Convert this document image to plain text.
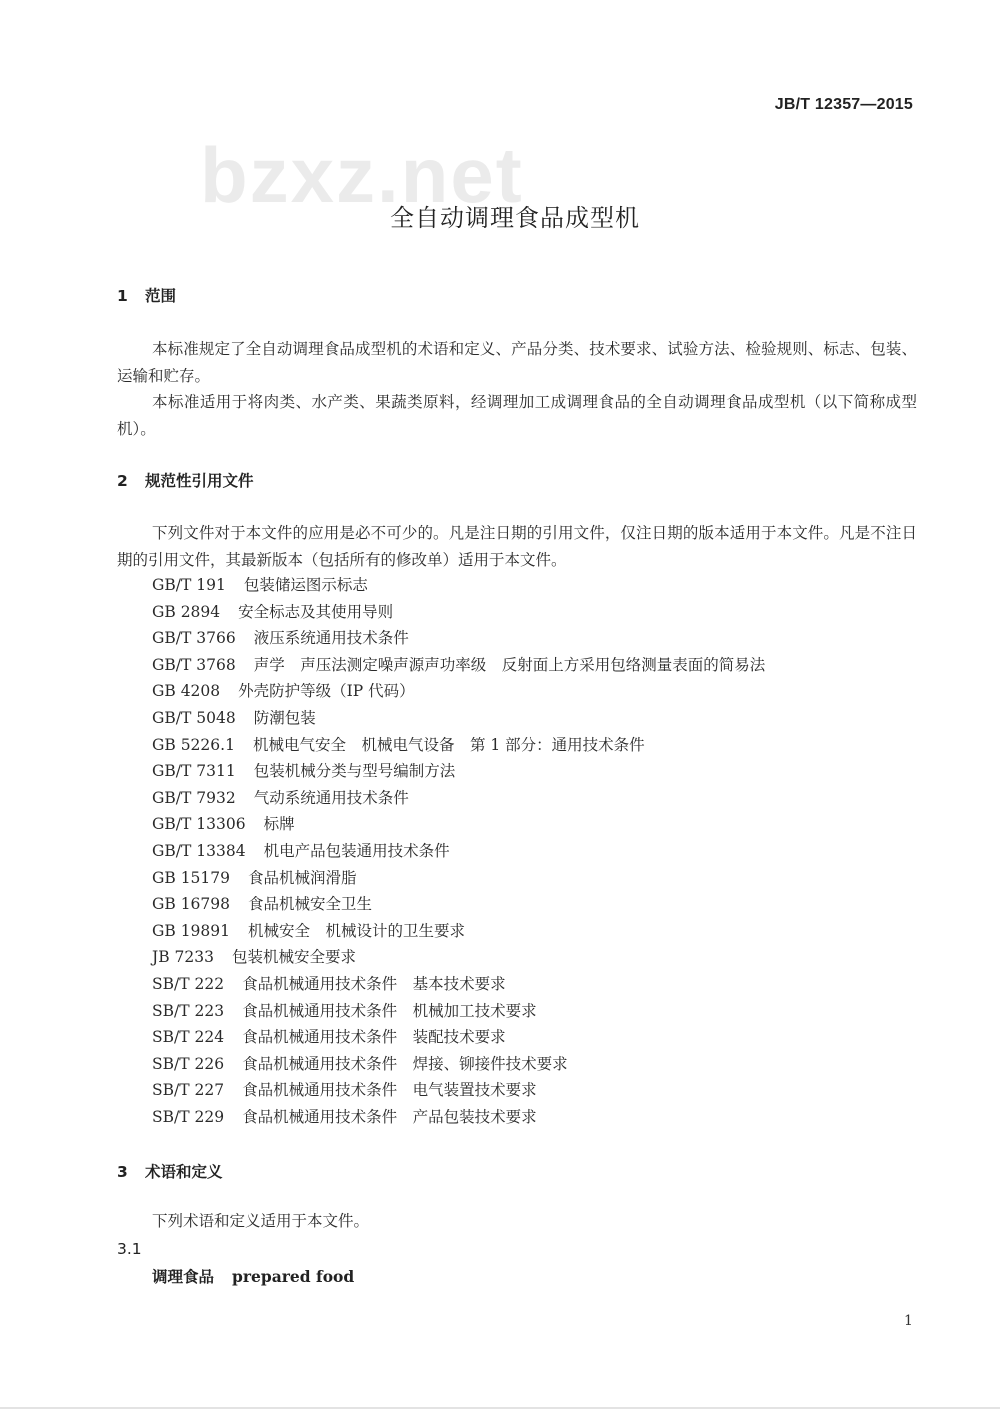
JB/T 12357—2015
bzxz.net
全自动调理食品成型机
1 范围
本标准规定了全自动调理食品成型机的术语和定义、产品分类、技术要求、试验方法、检验规则、标志、包装、运输和贮存。
本标准适用于将肉类、水产类、果蔬类原料，经调理加工成调理食品的全自动调理食品成型机（以下简称成型机）。
2 规范性引用文件
下列文件对于本文件的应用是必不可少的。凡是注日期的引用文件，仅注日期的版本适用于本文件。凡是不注日期的引用文件，其最新版本（包括所有的修改单）适用于本文件。
GB/T 191 包装储运图示标志
GB 2894 安全标志及其使用导则
GB/T 3766 液压系统通用技术条件
GB/T 3768 声学　声压法测定噪声源声功率级　反射面上方采用包络测量表面的简易法
GB 4208 外壳防护等级（IP 代码）
GB/T 5048 防潮包装
GB 5226.1 机械电气安全　机械电气设备　第 1 部分：通用技术条件
GB/T 7311 包装机械分类与型号编制方法
GB/T 7932 气动系统通用技术条件
GB/T 13306 标牌
GB/T 13384 机电产品包装通用技术条件
GB 15179 食品机械润滑脂
GB 16798 食品机械安全卫生
GB 19891 机械安全　机械设计的卫生要求
JB 7233 包装机械安全要求
SB/T 222 食品机械通用技术条件　基本技术要求
SB/T 223 食品机械通用技术条件　机械加工技术要求
SB/T 224 食品机械通用技术条件　装配技术要求
SB/T 226 食品机械通用技术条件　焊接、铆接件技术要求
SB/T 227 食品机械通用技术条件　电气装置技术要求
SB/T 229 食品机械通用技术条件　产品包装技术要求
3 术语和定义
下列术语和定义适用于本文件。
3.1
调理食品 prepared food
1
